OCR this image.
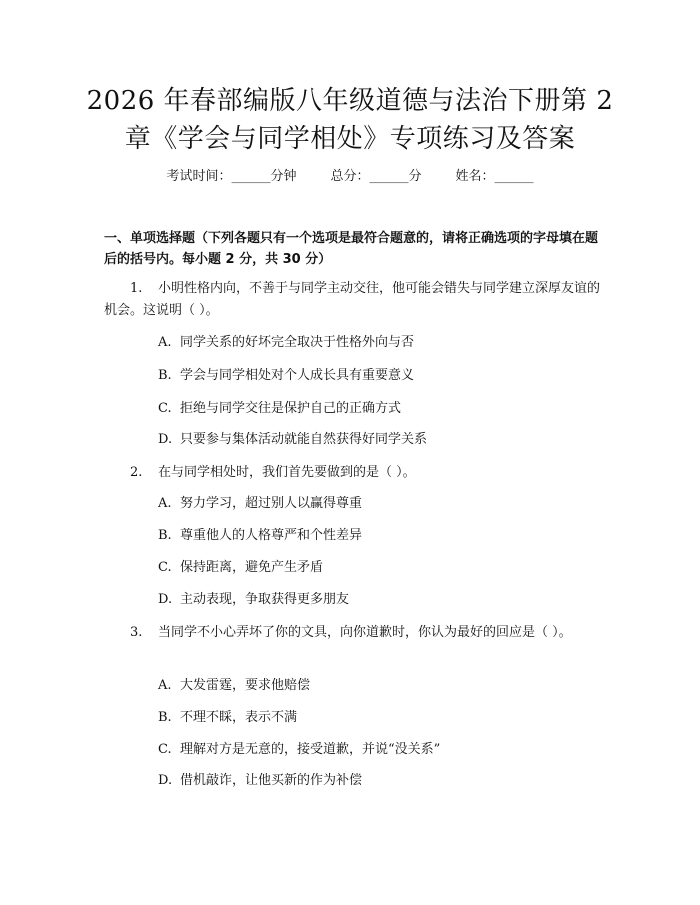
2026 年春部编版八年级道德与法治下册第 2
章《学会与同学相处》专项练习及答案
考试时间：______分钟	总分：______分	姓名：______
一、单项选择题（下列各题只有一个选项是最符合题意的，请将正确选项的字母填在题后的括号内。每小题 2 分，共 30 分）
1. 小明性格内向，不善于与同学主动交往，他可能会错失与同学建立深厚友谊的机会。这说明（ ）。
A. 同学关系的好坏完全取决于性格外向与否
B. 学会与同学相处对个人成长具有重要意义
C. 拒绝与同学交往是保护自己的正确方式
D. 只要参与集体活动就能自然获得好同学关系
2. 在与同学相处时，我们首先要做到的是（ ）。
A. 努力学习，超过别人以赢得尊重
B. 尊重他人的人格尊严和个性差异
C. 保持距离，避免产生矛盾
D. 主动表现，争取获得更多朋友
3. 当同学不小心弄坏了你的文具，向你道歉时，你认为最好的回应是（ ）。
A. 大发雷霆，要求他赔偿
B. 不理不睬，表示不满
C. 理解对方是无意的，接受道歉，并说“没关系”
D. 借机敲诈，让他买新的作为补偿
